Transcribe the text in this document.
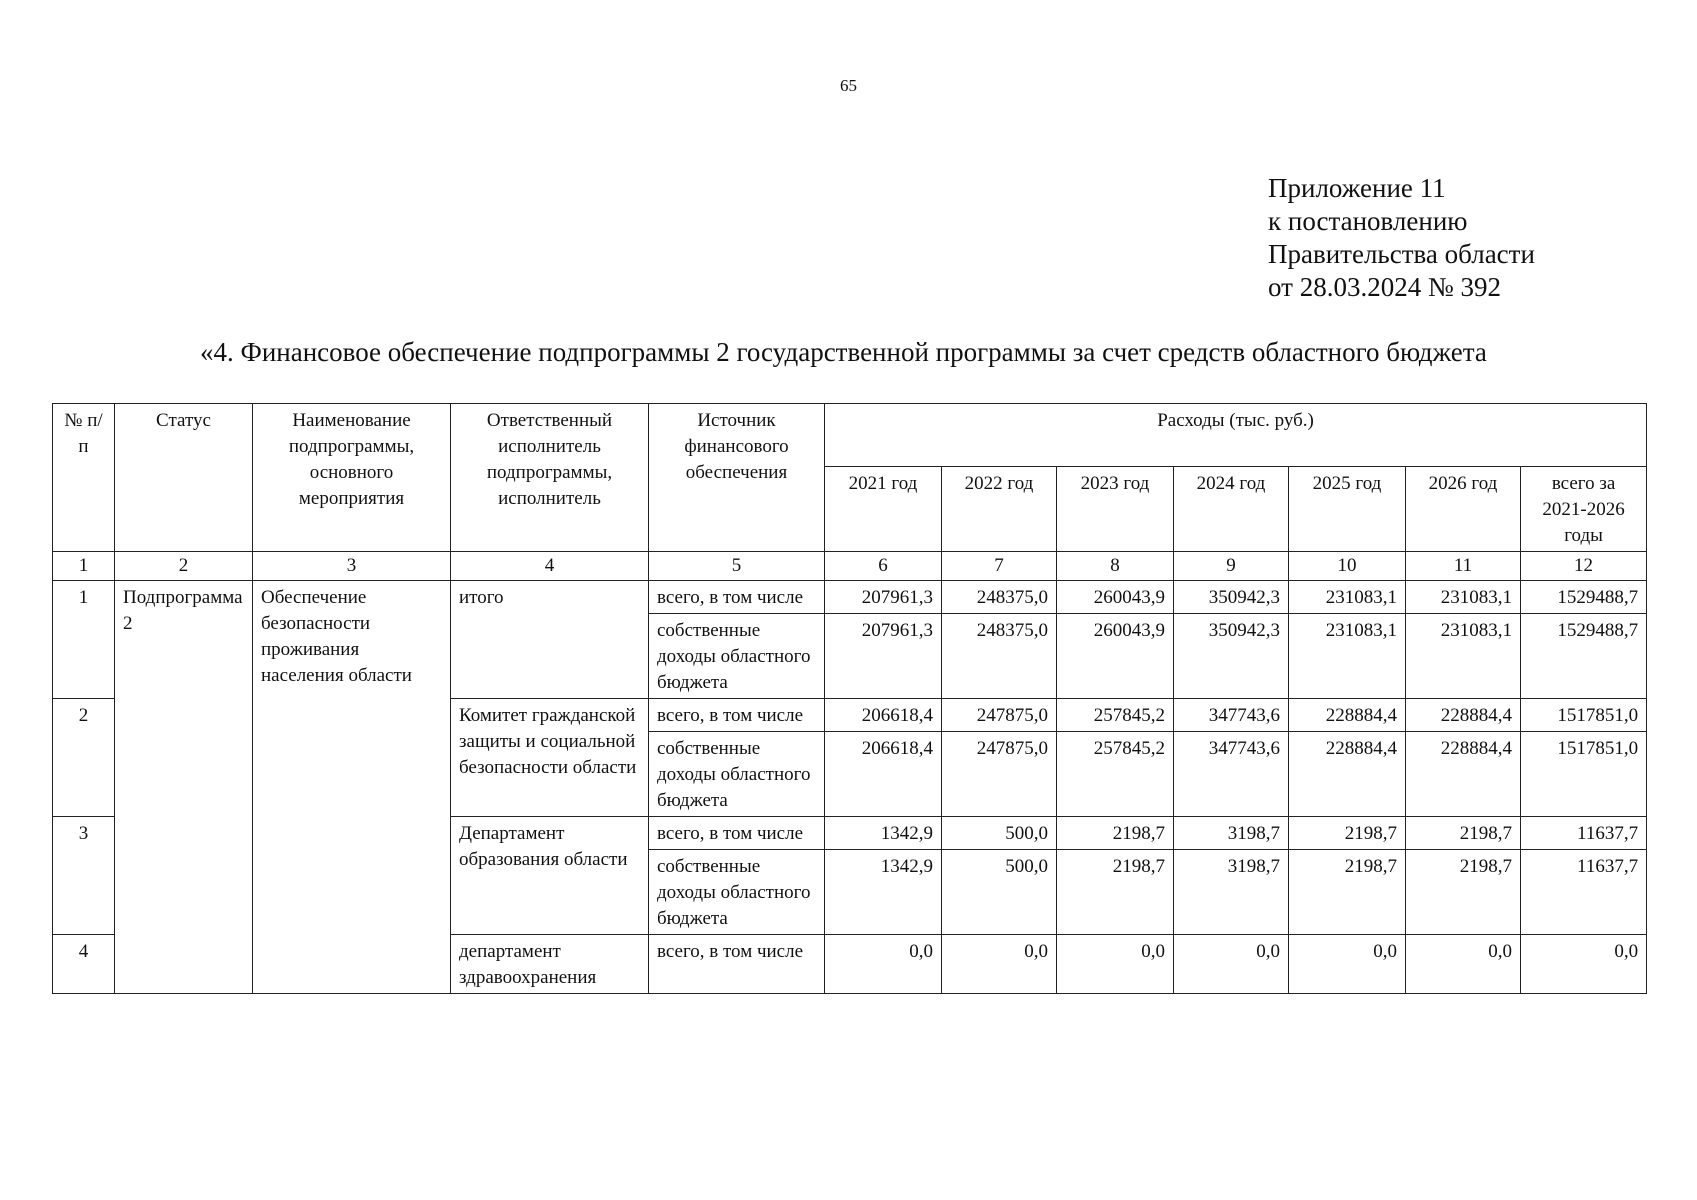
65
Приложение 11
к постановлению
Правительства области
от 28.03.2024 № 392
«4. Финансовое обеспечение подпрограммы 2 государственной программы за счет средств областного бюджета
№ п/п	Статус	Наименование подпрограммы, основного мероприятия	Ответственный исполнитель подпрограммы, исполнитель	Источник финансового обеспечения	Расходы (тыс. руб.)						
					2021 год	2022 год	2023 год	2024 год	2025 год	2026 год	всего за 2021-2026 годы
1	2	3	4	5	6	7	8	9	10	11	12
1	Подпрограмма 2	Обеспечение безопасности проживания населения области	итого	всего, в том числе	207961,3	248375,0	260043,9	350942,3	231083,1	231083,1	1529488,7
				собственные доходы областного бюджета	207961,3	248375,0	260043,9	350942,3	231083,1	231083,1	1529488,7
2			Комитет гражданской защиты и социальной безопасности области	всего, в том числе	206618,4	247875,0	257845,2	347743,6	228884,4	228884,4	1517851,0
				собственные доходы областного бюджета	206618,4	247875,0	257845,2	347743,6	228884,4	228884,4	1517851,0
3			Департамент образования области	всего, в том числе	1342,9	500,0	2198,7	3198,7	2198,7	2198,7	11637,7
				собственные доходы областного бюджета	1342,9	500,0	2198,7	3198,7	2198,7	2198,7	11637,7
4			департамент здравоохранения	всего, в том числе	0,0	0,0	0,0	0,0	0,0	0,0	0,0
